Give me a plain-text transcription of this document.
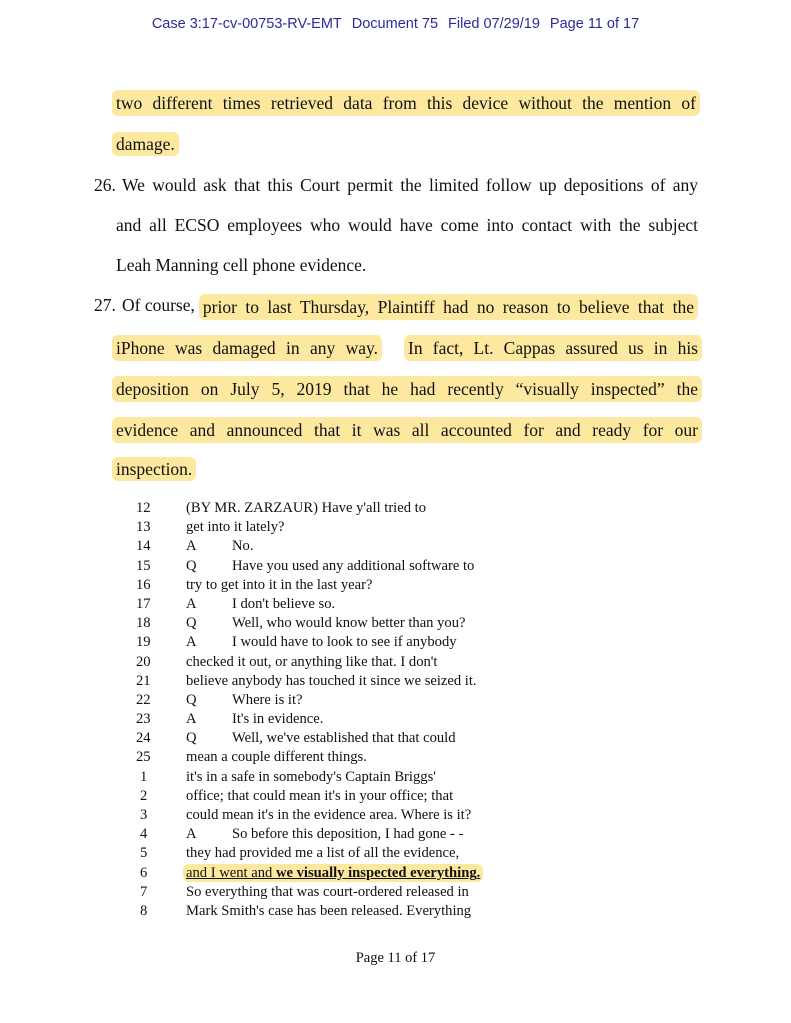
Case 3:17-cv-00753-RV-EMT Document 75 Filed 07/29/19 Page 11 of 17
two different times retrieved data from this device without the mention of
damage.
26. We would ask that this Court permit the limited follow up depositions of any
and all ECSO employees who would have come into contact with the subject
Leah Manning cell phone evidence.
27. Of course, prior to last Thursday, Plaintiff had no reason to believe that the
iPhone was damaged in any way. In fact, Lt. Cappas assured us in his
deposition on July 5, 2019 that he had recently “visually inspected” the
evidence and announced that it was all accounted for and ready for our
inspection.
12	(BY MR. ZARZAUR) Have y'all tried to
13	get into it lately?
14	A No.
15	Q Have you used any additional software to
16	try to get into it in the last year?
17	A I don't believe so.
18	Q Well, who would know better than you?
19	A I would have to look to see if anybody
20	checked it out, or anything like that. I don't
21	believe anybody has touched it since we seized it.
22	Q Where is it?
23	A It's in evidence.
24	Q Well, we've established that that could
25	mean a couple different things.
1	it's in a safe in somebody's Captain Briggs'
2	office; that could mean it's in your office; that
3	could mean it's in the evidence area. Where is it?
4	A So before this deposition, I had gone - -
5	they had provided me a list of all the evidence,
6	and I went and we visually inspected everything.
7	So everything that was court-ordered released in
8	Mark Smith's case has been released. Everything
Page 11 of 17
